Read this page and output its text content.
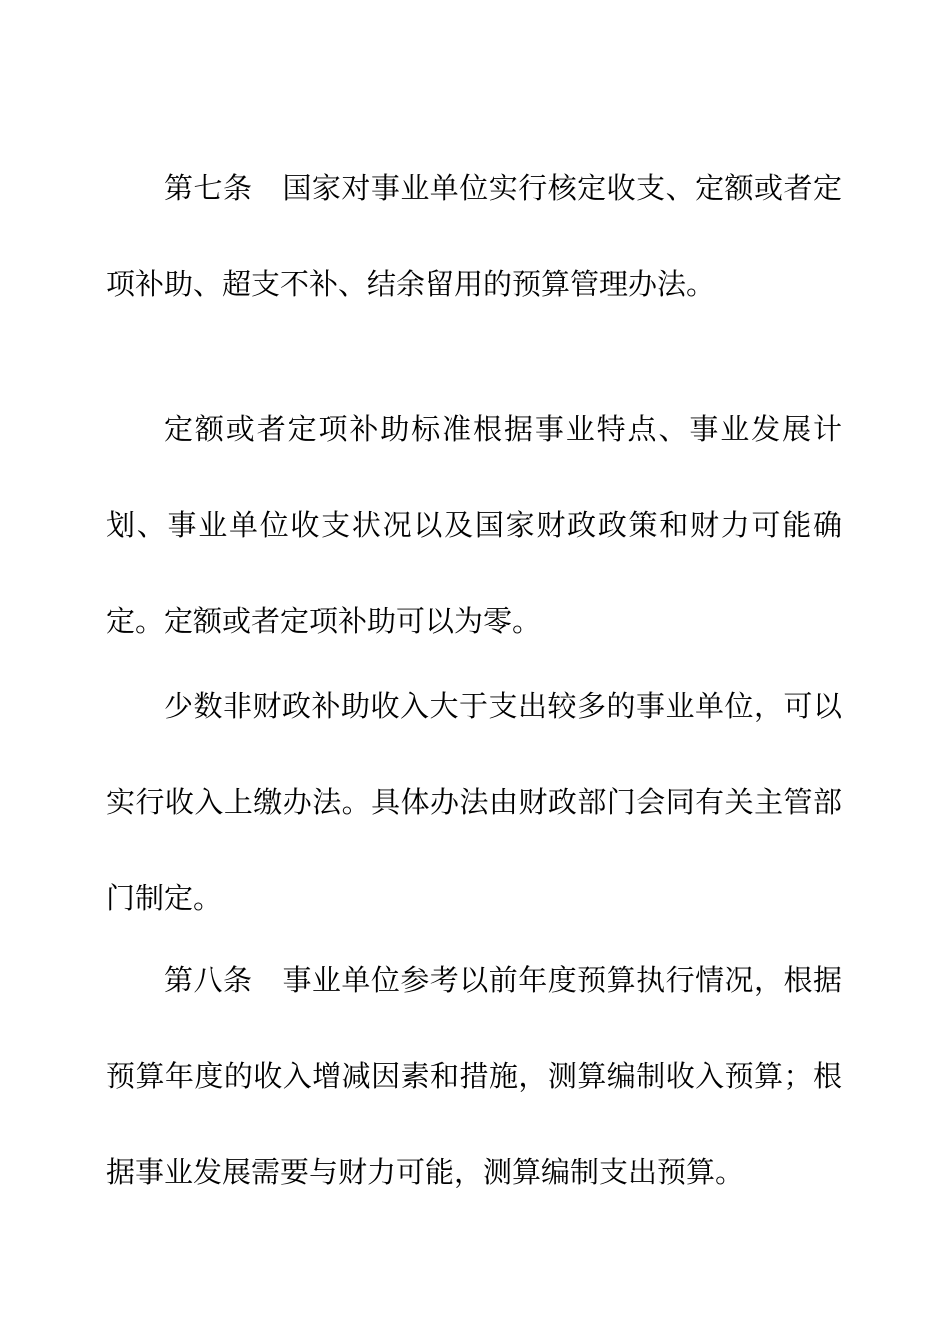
第七条 国家对事业单位实行核定收支、定额或者定项补助、超支不补、结余留用的预算管理办法。

定额或者定项补助标准根据事业特点、事业发展计划、事业单位收支状况以及国家财政政策和财力可能确定。定额或者定项补助可以为零。

少数非财政补助收入大于支出较多的事业单位，可以实行收入上缴办法。具体办法由财政部门会同有关主管部门制定。

第八条 事业单位参考以前年度预算执行情况，根据预算年度的收入增减因素和措施，测算编制收入预算；根据事业发展需要与财力可能，测算编制支出预算。
